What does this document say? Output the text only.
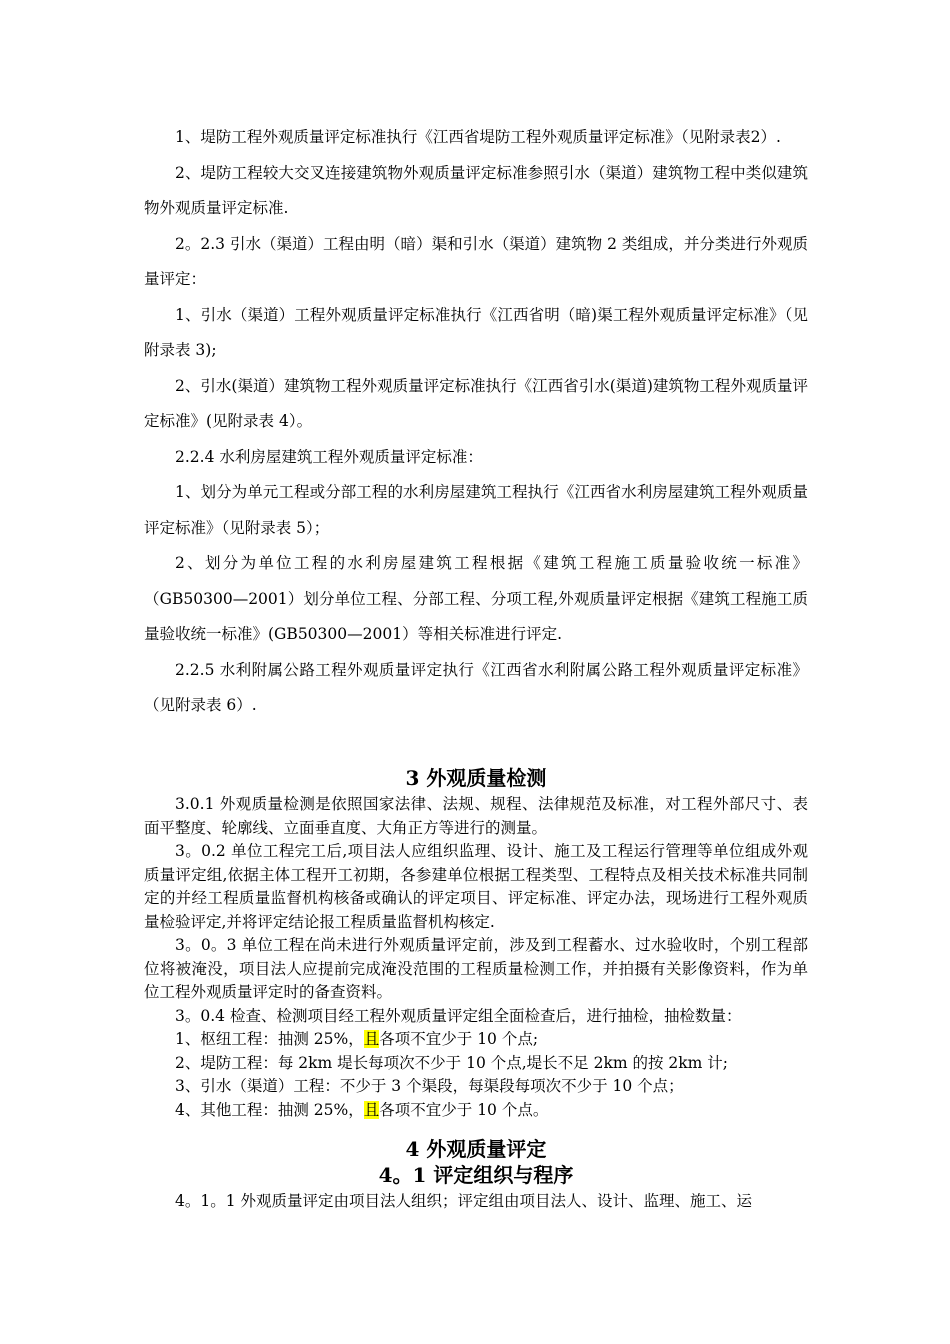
1、堤防工程外观质量评定标准执行《江西省堤防工程外观质量评定标准》（见附录表2）.

2、堤防工程较大交叉连接建筑物外观质量评定标准参照引水（渠道）建筑物工程中类似建筑物外观质量评定标准.

2。2.3 引水（渠道）工程由明（暗）渠和引水（渠道）建筑物 2 类组成，并分类进行外观质量评定：

1、引水（渠道）工程外观质量评定标准执行《江西省明（暗)渠工程外观质量评定标准》（见附录表 3);

2、引水(渠道）建筑物工程外观质量评定标准执行《江西省引水(渠道)建筑物工程外观质量评定标准》(见附录表 4）。

2.2.4 水利房屋建筑工程外观质量评定标准：

1、划分为单元工程或分部工程的水利房屋建筑工程执行《江西省水利房屋建筑工程外观质量评定标准》（见附录表 5）；

2、划分为单位工程的水利房屋建筑工程根据《建筑工程施工质量验收统一标准》（GB50300—2001）划分单位工程、分部工程、分项工程,外观质量评定根据《建筑工程施工质量验收统一标准》(GB50300—2001）等相关标准进行评定.

2.2.5 水利附属公路工程外观质量评定执行《江西省水利附属公路工程外观质量评定标准》（见附录表 6）.

3 外观质量检测

3.0.1 外观质量检测是依照国家法律、法规、规程、法律规范及标准，对工程外部尺寸、表面平整度、轮廓线、立面垂直度、大角正方等进行的测量。

3。0.2 单位工程完工后,项目法人应组织监理、设计、施工及工程运行管理等单位组成外观质量评定组,依据主体工程开工初期，各参建单位根据工程类型、工程特点及相关技术标准共同制定的并经工程质量监督机构核备或确认的评定项目、评定标准、评定办法，现场进行工程外观质量检验评定,并将评定结论报工程质量监督机构核定.

3。0。3 单位工程在尚未进行外观质量评定前，涉及到工程蓄水、过水验收时，个别工程部位将被淹没，项目法人应提前完成淹没范围的工程质量检测工作，并拍摄有关影像资料，作为单位工程外观质量评定时的备查资料。

3。0.4 检查、检测项目经工程外观质量评定组全面检查后，进行抽检，抽检数量：

1、枢纽工程：抽测 25%，且各项不宜少于 10 个点;

2、堤防工程：每 2km 堤长每项次不少于 10 个点,堤长不足 2km 的按 2km 计;

3、引水（渠道）工程：不少于 3 个渠段，每渠段每项次不少于 10 个点；

4、其他工程：抽测 25%，且各项不宜少于 10 个点。

4 外观质量评定
4。1 评定组织与程序

4。1。1 外观质量评定由项目法人组织；评定组由项目法人、设计、监理、施工、运
